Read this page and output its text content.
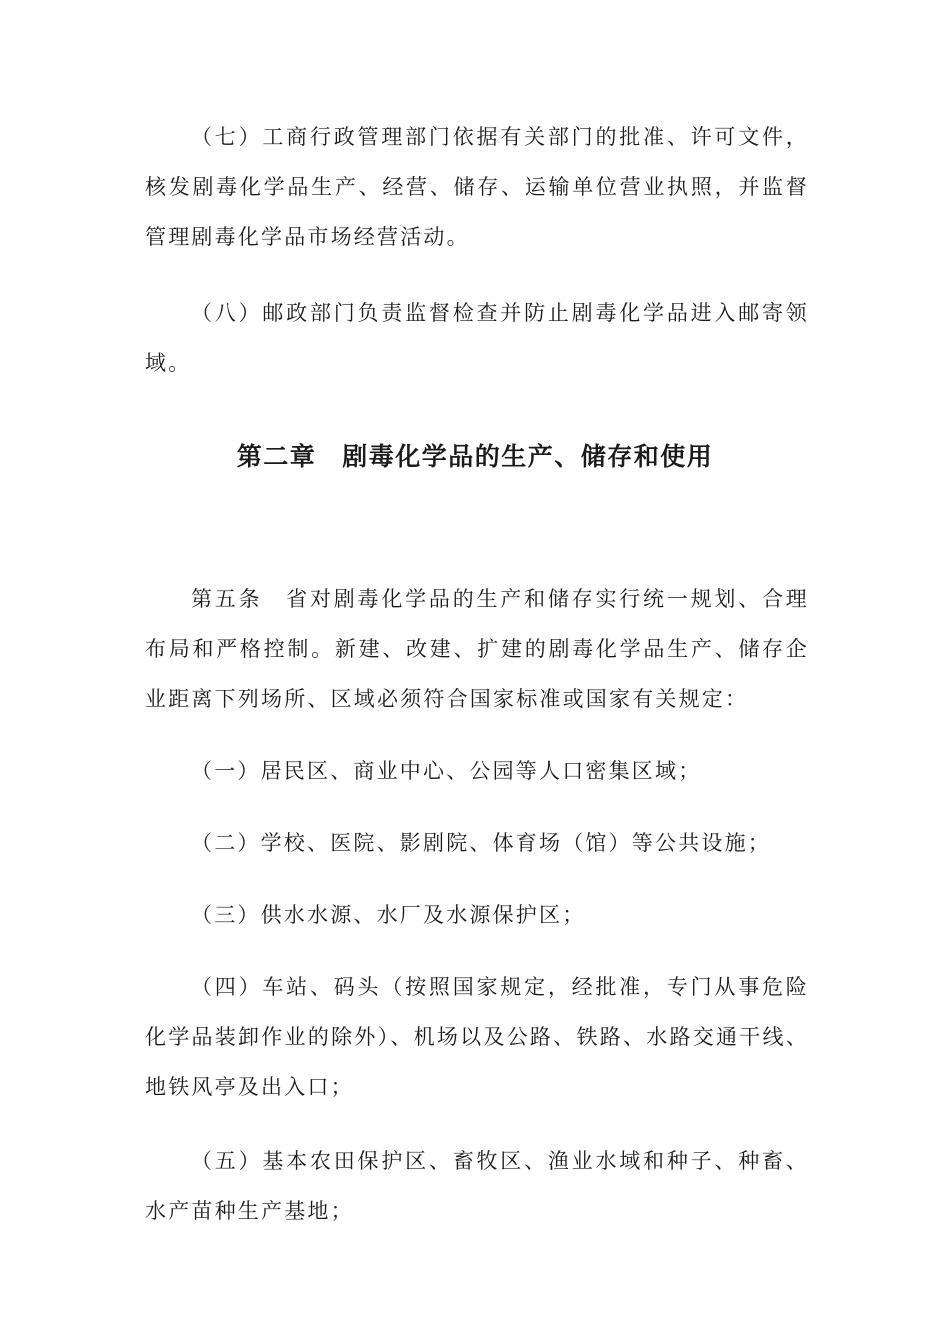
（七）工商行政管理部门依据有关部门的批准、许可文件，核发剧毒化学品生产、经营、储存、运输单位营业执照，并监督管理剧毒化学品市场经营活动。

（八）邮政部门负责监督检查并防止剧毒化学品进入邮寄领域。

第二章 剧毒化学品的生产、储存和使用

第五条　省对剧毒化学品的生产和储存实行统一规划、合理布局和严格控制。新建、改建、扩建的剧毒化学品生产、储存企业距离下列场所、区域必须符合国家标准或国家有关规定：

（一）居民区、商业中心、公园等人口密集区域；

（二）学校、医院、影剧院、体育场（馆）等公共设施；

（三）供水水源、水厂及水源保护区；

（四）车站、码头（按照国家规定，经批准，专门从事危险化学品装卸作业的除外）、机场以及公路、铁路、水路交通干线、地铁风亭及出入口；

（五）基本农田保护区、畜牧区、渔业水域和种子、种畜、水产苗种生产基地；
